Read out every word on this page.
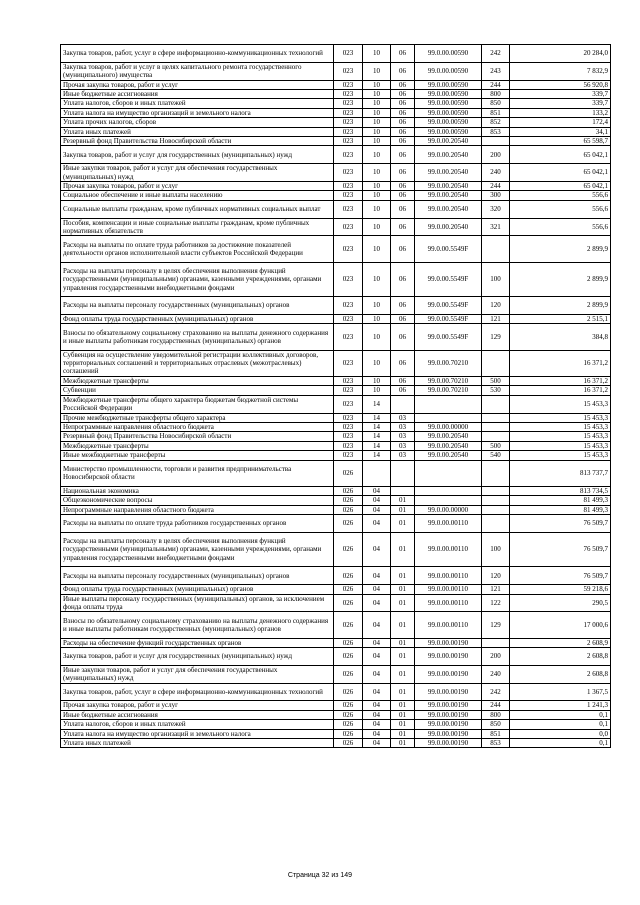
Закупка товаров, работ, услуг в сфере информационно-коммуникационных технологий	023	10	06	99.0.00.00590	242	20 284,0
Закупка товаров, работ и услуг в целях капитального ремонта государственного (муниципального) имущества	023	10	06	99.0.00.00590	243	7 832,9
Прочая закупка товаров, работ и услуг	023	10	06	99.0.00.00590	244	56 920,8
Иные бюджетные ассигнования	023	10	06	99.0.00.00590	800	339,7
Уплата налогов, сборов и иных платежей	023	10	06	99.0.00.00590	850	339,7
Уплата налога на имущество организаций и земельного налога	023	10	06	99.0.00.00590	851	133,2
Уплата прочих налогов, сборов	023	10	06	99.0.00.00590	852	172,4
Уплата иных платежей	023	10	06	99.0.00.00590	853	34,1
Резервный фонд Правительства Новосибирской области	023	10	06	99.0.00.20540		65 598,7
Закупка товаров, работ и услуг для государственных (муниципальных) нужд	023	10	06	99.0.00.20540	200	65 042,1
Иные закупки товаров, работ и услуг для обеспечения государственных (муниципальных) нужд	023	10	06	99.0.00.20540	240	65 042,1
Прочая закупка товаров, работ и услуг	023	10	06	99.0.00.20540	244	65 042,1
Социальное обеспечение и иные выплаты населению	023	10	06	99.0.00.20540	300	556,6
Социальные выплаты гражданам, кроме публичных нормативных социальных выплат	023	10	06	99.0.00.20540	320	556,6
Пособия, компенсации и иные социальные выплаты гражданам, кроме публичных нормативных обязательств	023	10	06	99.0.00.20540	321	556,6
Расходы на выплаты по оплате труда работников за достижение показателей деятельности органов исполнительной власти субъектов Российской Федерации	023	10	06	99.0.00.5549F		2 899,9
Расходы на выплаты персоналу в целях обеспечения выполнения функций государственными (муниципальными) органами, казенными учреждениями, органами управления государственными внебюджетными фондами	023	10	06	99.0.00.5549F	100	2 899,9
Расходы на выплаты персоналу государственных (муниципальных) органов	023	10	06	99.0.00.5549F	120	2 899,9
Фонд оплаты труда государственных (муниципальных) органов	023	10	06	99.0.00.5549F	121	2 515,1
Взносы по обязательному социальному страхованию на выплаты денежного содержания и иные выплаты работникам государственных (муниципальных) органов	023	10	06	99.0.00.5549F	129	384,8
Субвенция на осуществление уведомительной регистрации коллективных договоров, территориальных соглашений и территориальных отраслевых (межотраслевых) соглашений	023	10	06	99.0.00.70210		16 371,2
Межбюджетные трансферты	023	10	06	99.0.00.70210	500	16 371,2
Субвенции	023	10	06	99.0.00.70210	530	16 371,2
Межбюджетные трансферты общего характера бюджетам бюджетной системы Российской Федерации	023	14				15 453,3
Прочие межбюджетные трансферты общего характера	023	14	03			15 453,3
Непрограммные направления областного бюджета	023	14	03	99.0.00.00000		15 453,3
Резервный фонд Правительства Новосибирской области	023	14	03	99.0.00.20540		15 453,3
Межбюджетные трансферты	023	14	03	99.0.00.20540	500	15 453,3
Иные межбюджетные трансферты	023	14	03	99.0.00.20540	540	15 453,3
Министерство промышленности, торговли и развития предпринимательства Новосибирской области	026					813 737,7
Национальная экономика	026	04				813 734,5
Общеэкономические вопросы	026	04	01			81 499,3
Непрограммные направления областного бюджета	026	04	01	99.0.00.00000		81 499,3
Расходы на выплаты по оплате труда работников государственных органов	026	04	01	99.0.00.00110		76 509,7
Расходы на выплаты персоналу в целях обеспечения выполнения функций государственными (муниципальными) органами, казенными учреждениями, органами управления государственными внебюджетными фондами	026	04	01	99.0.00.00110	100	76 509,7
Расходы на выплаты персоналу государственных (муниципальных) органов	026	04	01	99.0.00.00110	120	76 509,7
Фонд оплаты труда государственных (муниципальных) органов	026	04	01	99.0.00.00110	121	59 218,6
Иные выплаты персоналу государственных (муниципальных) органов, за исключением фонда оплаты труда	026	04	01	99.0.00.00110	122	290,5
Взносы по обязательному социальному страхованию на выплаты денежного содержания и иные выплаты работникам государственных (муниципальных) органов	026	04	01	99.0.00.00110	129	17 000,6
Расходы на обеспечение функций государственных органов	026	04	01	99.0.00.00190		2 608,9
Закупка товаров, работ и услуг для государственных (муниципальных) нужд	026	04	01	99.0.00.00190	200	2 608,8
Иные закупки товаров, работ и услуг для обеспечения государственных (муниципальных) нужд	026	04	01	99.0.00.00190	240	2 608,8
Закупка товаров, работ, услуг в сфере информационно-коммуникационных технологий	026	04	01	99.0.00.00190	242	1 367,5
Прочая закупка товаров, работ и услуг	026	04	01	99.0.00.00190	244	1 241,3
Иные бюджетные ассигнования	026	04	01	99.0.00.00190	800	0,1
Уплата налогов, сборов и иных платежей	026	04	01	99.0.00.00190	850	0,1
Уплата налога на имущество организаций и земельного налога	026	04	01	99.0.00.00190	851	0,0
Уплата иных платежей	026	04	01	99.0.00.00190	853	0,1
Страница 32 из 149
